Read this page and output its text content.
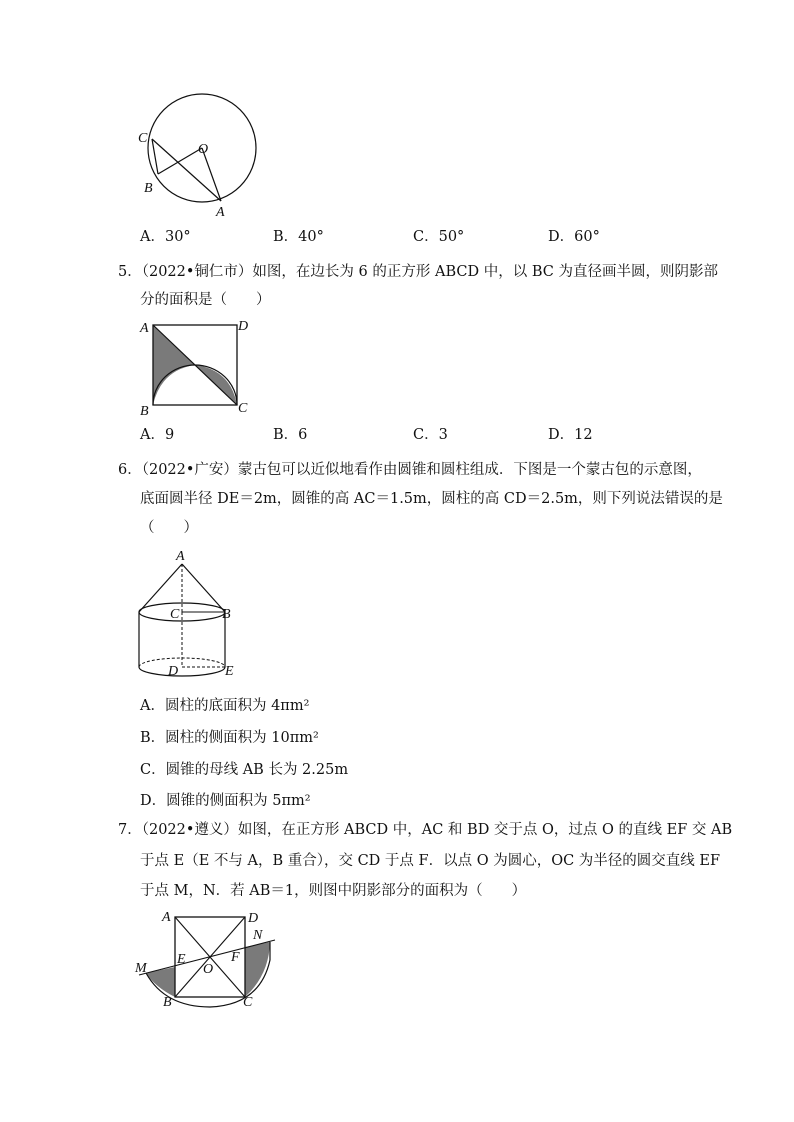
C
O
B
A
A．30°	B．40°	C．50°	D．60°
5．（2022•铜仁市）如图，在边长为 6 的正方形 ABCD 中，以 BC 为直径画半圆，则阴影部
分的面积是（　　）
A	D
B	C
A．9	B．6	C．3	D．12
6．（2022•广安）蒙古包可以近似地看作由圆锥和圆柱组成．下图是一个蒙古包的示意图，
底面圆半径 DE＝2m，圆锥的高 AC＝1.5m，圆柱的高 CD＝2.5m，则下列说法错误的是
（　　）
A
C	B
D	E
A．圆柱的底面积为 4πm²
B．圆柱的侧面积为 10πm²
C．圆锥的母线 AB 长为 2.25m
D．圆锥的侧面积为 5πm²
7．（2022•遵义）如图，在正方形 ABCD 中，AC 和 BD 交于点 O，过点 O 的直线 EF 交 AB
于点 E（E 不与 A，B 重合），交 CD 于点 F．以点 O 为圆心，OC 为半径的圆交直线 EF
于点 M，N．若 AB＝1，则图中阴影部分的面积为（　　）
A	D
N
M
E
O
F
B	C
